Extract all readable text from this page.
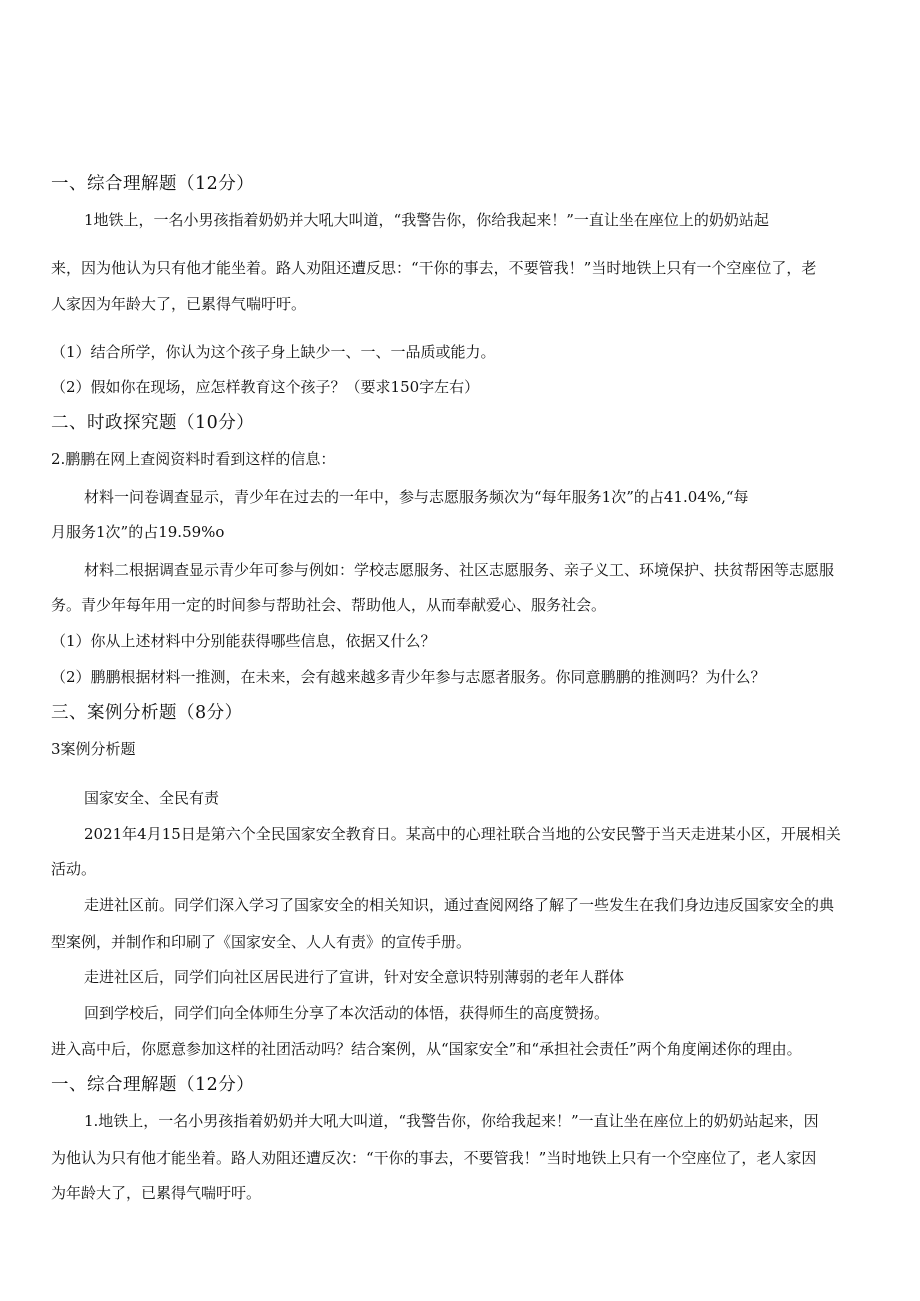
一、综合理解题（12分）
1地铁上，一名小男孩指着奶奶并大吼大叫道，“我警告你，你给我起来！”一直让坐在座位上的奶奶站起
来，因为他认为只有他才能坐着。路人劝阻还遭反思：“干你的事去，不要管我！”当时地铁上只有一个空座位了，老
人家因为年龄大了，已累得气喘吁吁。
（1）结合所学，你认为这个孩子身上缺少一、一、一品质或能力。
（2）假如你在现场，应怎样教育这个孩子？（要求150字左右）
二、时政探究题（10分）
2.鹏鹏在网上查阅资料时看到这样的信息：
材料一问卷调查显示，青少年在过去的一年中，参与志愿服务频次为“每年服务1次”的占41.04%,“每
月服务1次”的占19.59%o
材料二根据调查显示青少年可参与例如：学校志愿服务、社区志愿服务、亲子义工、环境保护、扶贫帮困等志愿服
务。青少年每年用一定的时间参与帮助社会、帮助他人，从而奉献爱心、服务社会。
（1）你从上述材料中分别能获得哪些信息，依据又什么？
（2）鹏鹏根据材料一推测，在未来，会有越来越多青少年参与志愿者服务。你同意鹏鹏的推测吗？为什么？
三、案例分析题（8分）
3案例分析题
国家安全、全民有责
2021年4月15日是第六个全民国家安全教育日。某高中的心理社联合当地的公安民警于当天走进某小区，开展相关
活动。
走进社区前。同学们深入学习了国家安全的相关知识，通过查阅网络了解了一些发生在我们身边违反国家安全的典
型案例，并制作和印刷了《国家安全、人人有责》的宣传手册。
走进社区后，同学们向社区居民进行了宣讲，针对安全意识特别薄弱的老年人群体
回到学校后，同学们向全体师生分享了本次活动的体悟，获得师生的高度赞扬。
进入高中后，你愿意参加这样的社团活动吗？结合案例，从“国家安全”和“承担社会责任”两个角度阐述你的理由。
一、综合理解题（12分）
1.地铁上，一名小男孩指着奶奶并大吼大叫道，“我警告你，你给我起来！”一直让坐在座位上的奶奶站起来，因
为他认为只有他才能坐着。路人劝阻还遭反次：“干你的事去，不要管我！”当时地铁上只有一个空座位了，老人家因
为年龄大了，已累得气喘吁吁。
